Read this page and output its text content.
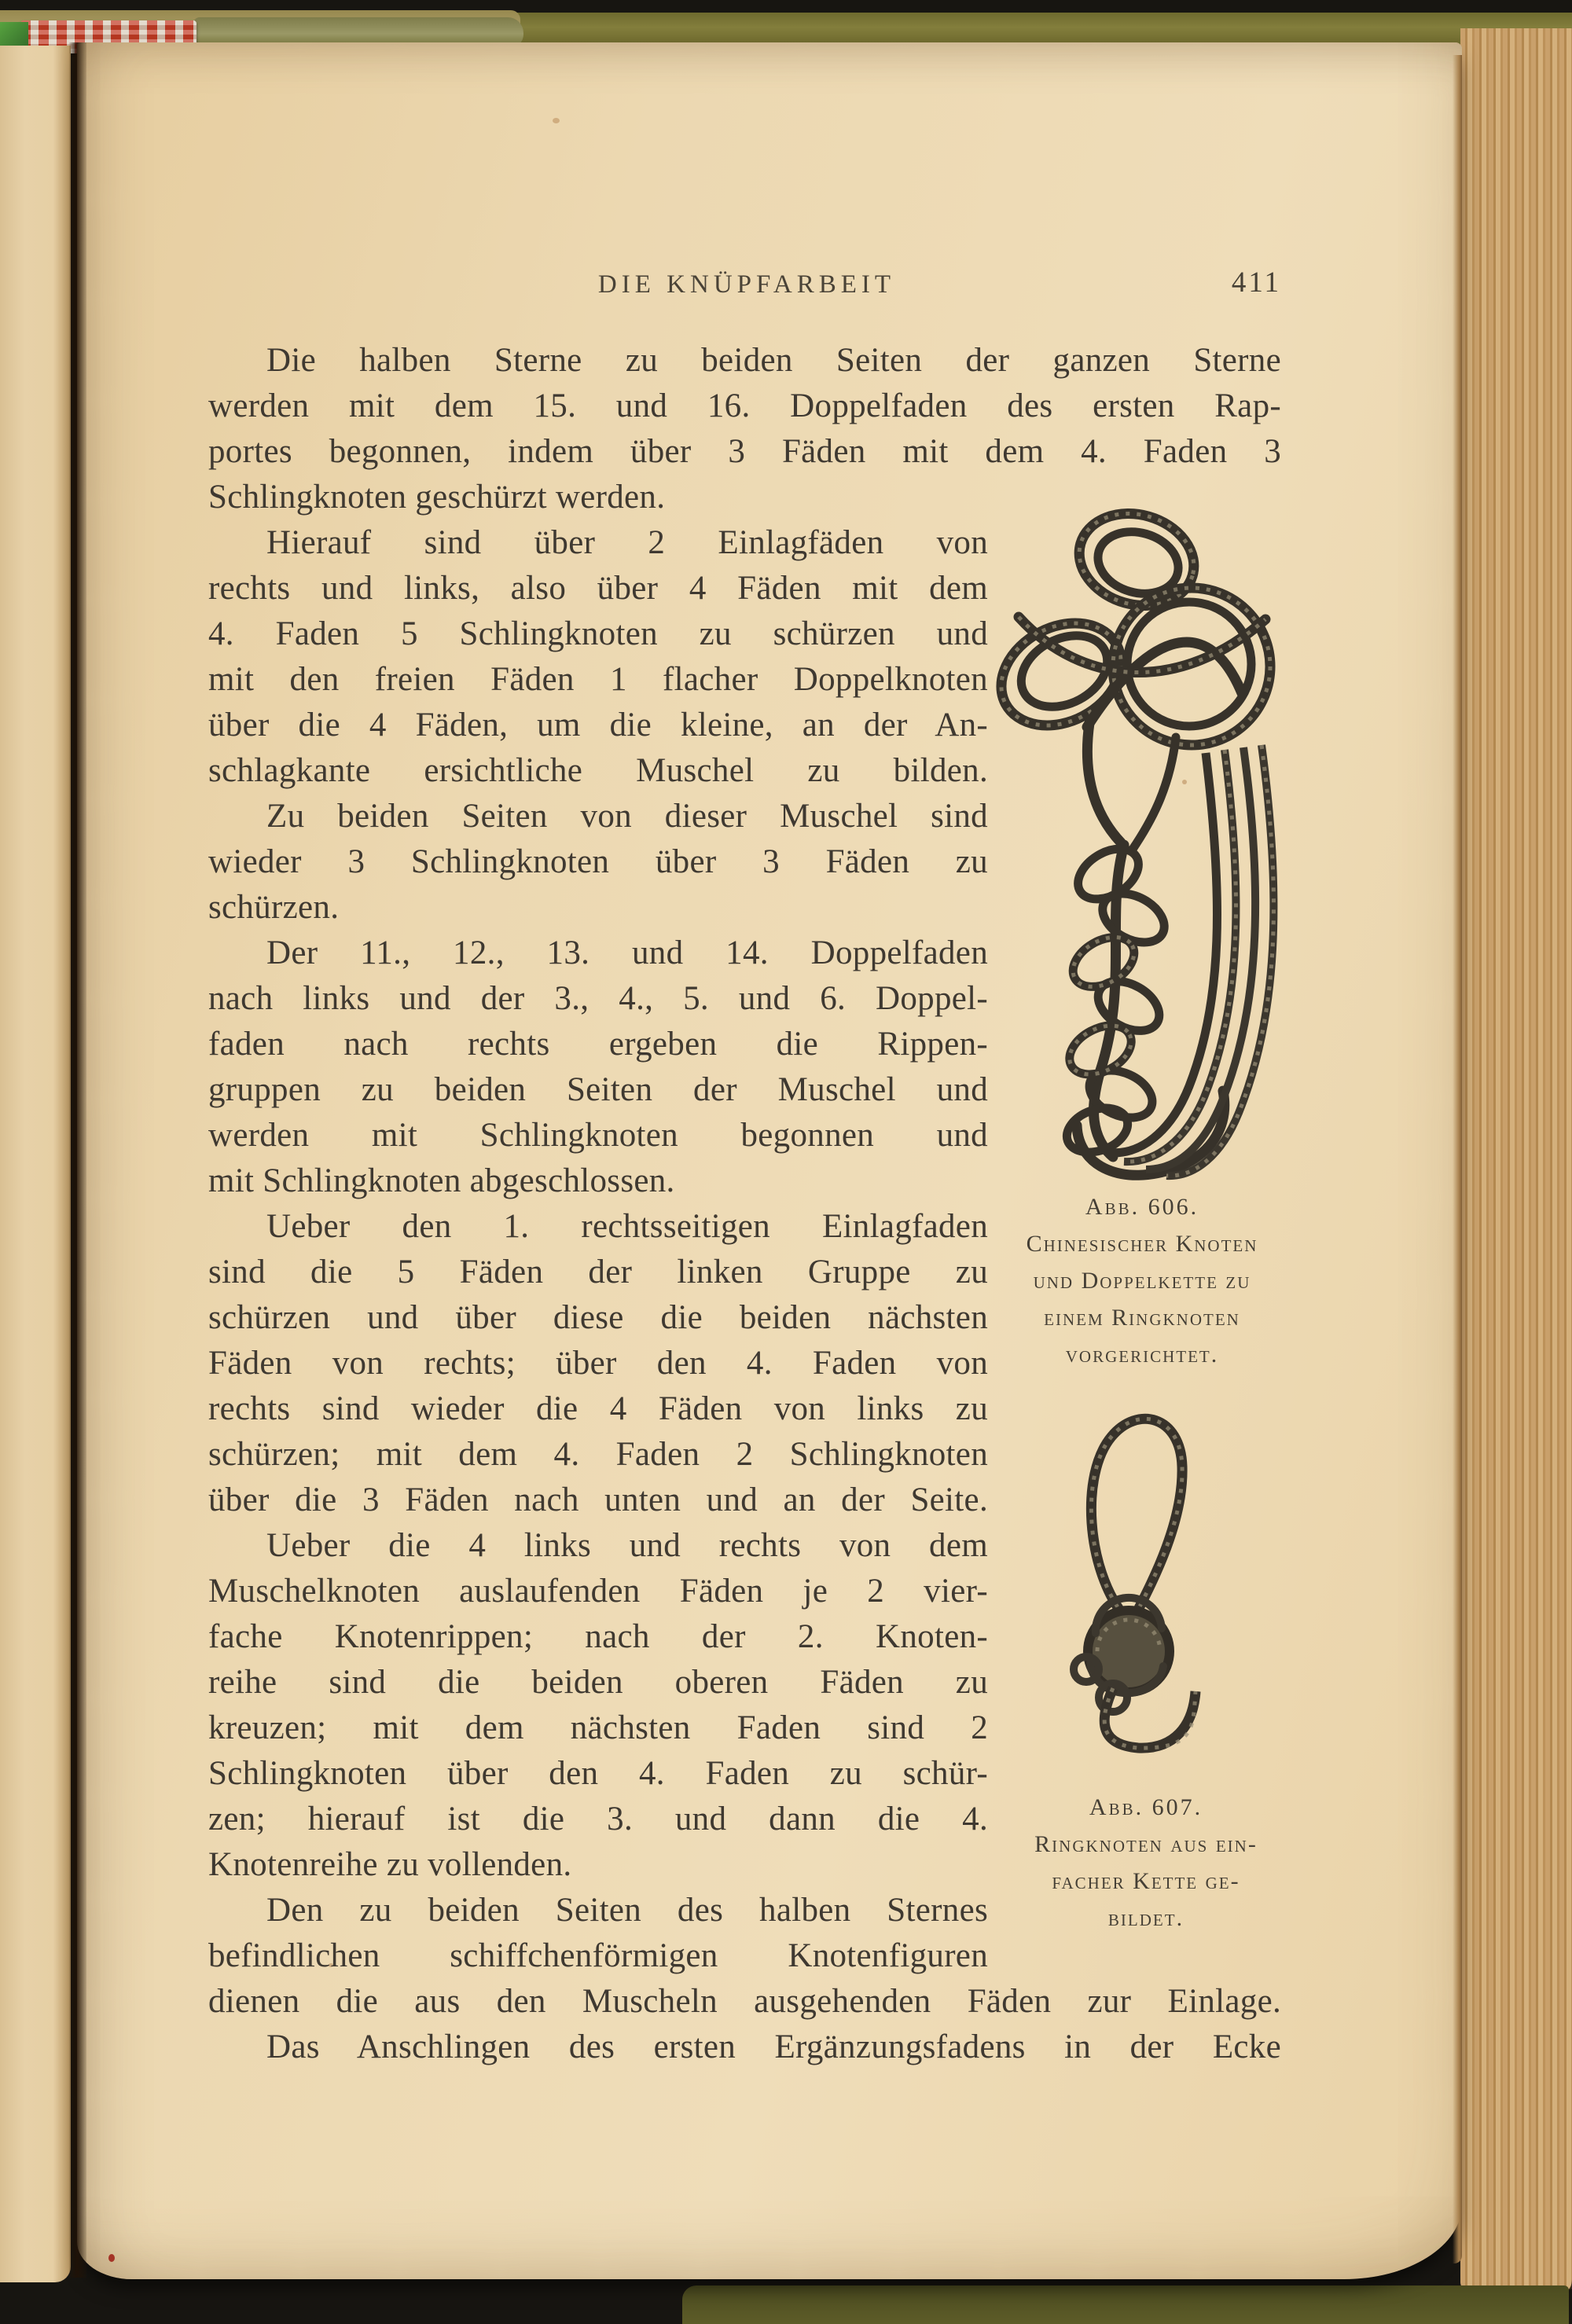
DIE KNÜPFARBEIT	411
Die halben Sterne zu beiden Seiten der ganzen Sterne
werden mit dem 15. und 16. Doppelfaden des ersten Rap-
portes begonnen, indem über 3 Fäden mit dem 4. Faden 3
Schlingknoten geschürzt werden.
Hierauf sind über 2 Einlagfäden von
rechts und links, also über 4 Fäden mit dem
4. Faden 5 Schlingknoten zu schürzen und
mit den freien Fäden 1 flacher Doppelknoten
über die 4 Fäden, um die kleine, an der An-
schlagkante ersichtliche Muschel zu bilden.
Zu beiden Seiten von dieser Muschel sind
wieder 3 Schlingknoten über 3 Fäden zu
schürzen.
Der 11., 12., 13. und 14. Doppelfaden
nach links und der 3., 4., 5. und 6. Doppel-
faden nach rechts ergeben die Rippen-
gruppen zu beiden Seiten der Muschel und
werden mit Schlingknoten begonnen und
mit Schlingknoten abgeschlossen.
Ueber den 1. rechtsseitigen Einlagfaden
sind die 5 Fäden der linken Gruppe zu
schürzen und über diese die beiden nächsten
Fäden von rechts; über den 4. Faden von
rechts sind wieder die 4 Fäden von links zu
schürzen; mit dem 4. Faden 2 Schlingknoten
über die 3 Fäden nach unten und an der Seite.
Ueber die 4 links und rechts von dem
Muschelknoten auslaufenden Fäden je 2 vier-
fache Knotenrippen; nach der 2. Knoten-
reihe sind die beiden oberen Fäden zu
kreuzen; mit dem nächsten Faden sind 2
Schlingknoten über den 4. Faden zu schür-
zen; hierauf ist die 3. und dann die 4.
Knotenreihe zu vollenden.
Den zu beiden Seiten des halben Sternes
befindlichen schiffchenförmigen Knotenfiguren
dienen die aus den Muscheln ausgehenden Fäden zur Einlage.
Das Anschlingen des ersten Ergänzungsfadens in der Ecke
Abb. 606.
Chinesischer Knoten
und Doppelkette zu
einem Ringknoten
vorgerichtet.
Abb. 607.
Ringknoten aus ein-
facher Kette ge-
bildet.
